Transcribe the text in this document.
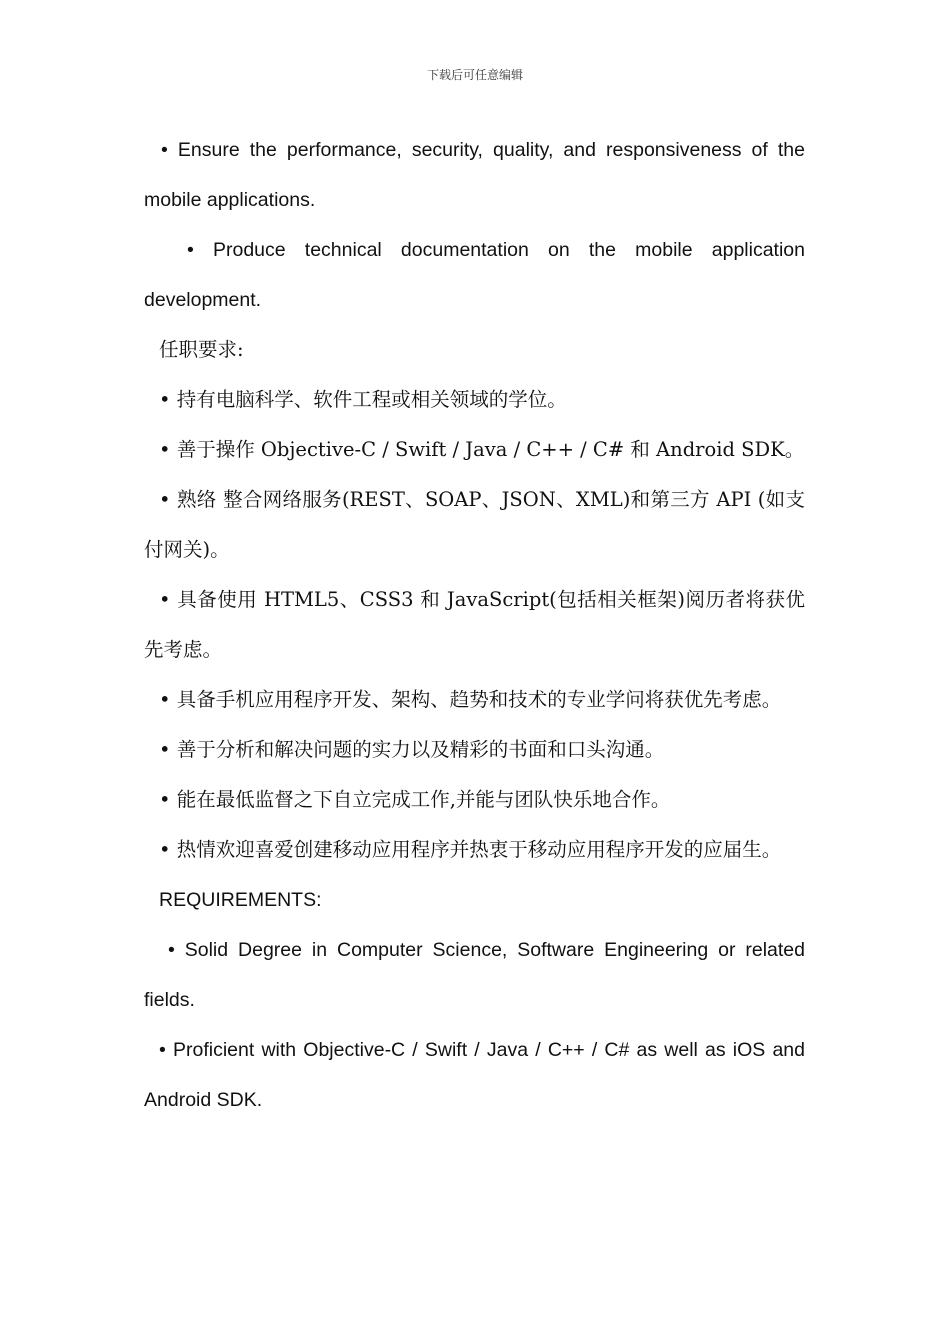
下载后可任意编辑

• Ensure the performance, security, quality, and responsiveness of the mobile applications.

• Produce technical documentation on the mobile application development.

任职要求:

• 持有电脑科学、软件工程或相关领域的学位。

• 善于操作 Objective-C / Swift / Java / C++ / C# 和 Android SDK。

• 熟络 整合网络服务(REST、SOAP、JSON、XML)和第三方 API (如支付网关)。

• 具备使用 HTML5、CSS3 和 JavaScript(包括相关框架)阅历者将获优先考虑。

• 具备手机应用程序开发、架构、趋势和技术的专业学问将获优先考虑。

• 善于分析和解决问题的实力以及精彩的书面和口头沟通。

• 能在最低监督之下自立完成工作,并能与团队快乐地合作。

• 热情欢迎喜爱创建移动应用程序并热衷于移动应用程序开发的应届生。

REQUIREMENTS:

• Solid Degree in Computer Science, Software Engineering or related fields.

• Proficient with Objective-C / Swift / Java / C++ / C# as well as iOS and Android SDK.
